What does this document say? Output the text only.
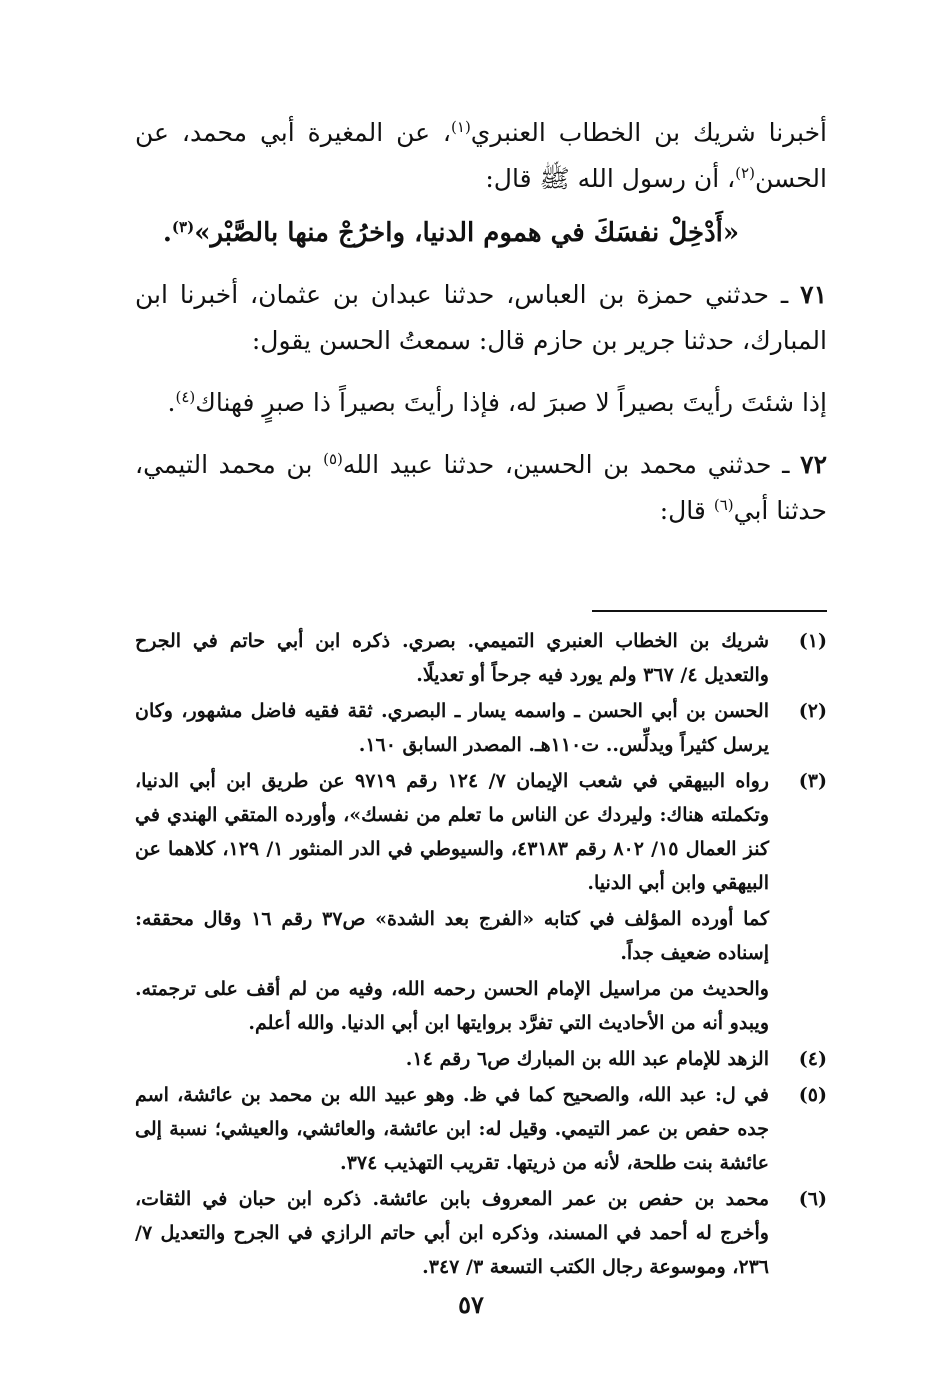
أخبرنا شريك بن الخطاب العنبري$^{(١)}$، عن المغيرة أبي محمد، عن الحسن$^{(٢)}$، أن رسول الله ﷺ قال:

«أَدْخِلْ نفسَكَ في هموم الدنيا، واخرُجْ منها بالصَّبْر»$^{(٣)}$.

٧١ ـ حدثني حمزة بن العباس، حدثنا عبدان بن عثمان، أخبرنا ابن المبارك، حدثنا جرير بن حازم قال: سمعتُ الحسن يقول:

إذا شئتَ رأيتَ بصيراً لا صبرَ له، فإذا رأيتَ بصيراً ذا صبرٍ فهناك$^{(٤)}$.

٧٢ ـ حدثني محمد بن الحسين، حدثنا عبيد الله$^{(٥)}$ بن محمد التيمي، حدثنا أبي$^{(٦)}$ قال:

(١)
شريك بن الخطاب العنبري التميمي. بصري. ذكره ابن أبي حاتم في الجرح والتعديل ٤/ ٣٦٧ ولم يورد فيه جرحاً أو تعديلًا.
(٢)
الحسن بن أبي الحسن ـ واسمه يسار ـ البصري. ثقة فقيه فاضل مشهور، وكان يرسل كثيراً ويدلِّس.. ت١١٠هـ. المصدر السابق ١٦٠.
(٣)
رواه البيهقي في شعب الإيمان ٧/ ١٢٤ رقم ٩٧١٩ عن طريق ابن أبي الدنيا، وتكملته هناك: وليردك عن الناس ما تعلم من نفسك»، وأورده المتقي الهندي في كنز العمال ١٥/ ٨٠٢ رقم ٤٣١٨٣، والسيوطي في الدر المنثور ١/ ١٢٩، كلاهما عن البيهقي وابن أبي الدنيا.
كما أورده المؤلف في كتابه «الفرج بعد الشدة» ص٣٧ رقم ١٦ وقال محققه: إسناده ضعيف جداً.
والحديث من مراسيل الإمام الحسن رحمه الله، وفيه من لم أقف على ترجمته. ويبدو أنه من الأحاديث التي تفرَّد بروايتها ابن أبي الدنيا. والله أعلم.
(٤)
الزهد للإمام عبد الله بن المبارك ص٦ رقم ١٤.
(٥)
في ل: عبد الله، والصحيح كما في ظ. وهو عبيد الله بن محمد بن عائشة، اسم جده حفص بن عمر التيمي. وقيل له: ابن عائشة، والعائشي، والعيشي؛ نسبة إلى عائشة بنت طلحة، لأنه من ذريتها. تقريب التهذيب ٣٧٤.
(٦)
محمد بن حفص بن عمر المعروف بابن عائشة. ذكره ابن حبان في الثقات، وأخرج له أحمد في المسند، وذكره ابن أبي حاتم الرازي في الجرح والتعديل ٧/ ٢٣٦، وموسوعة رجال الكتب التسعة ٣/ ٣٤٧.
٥٧
